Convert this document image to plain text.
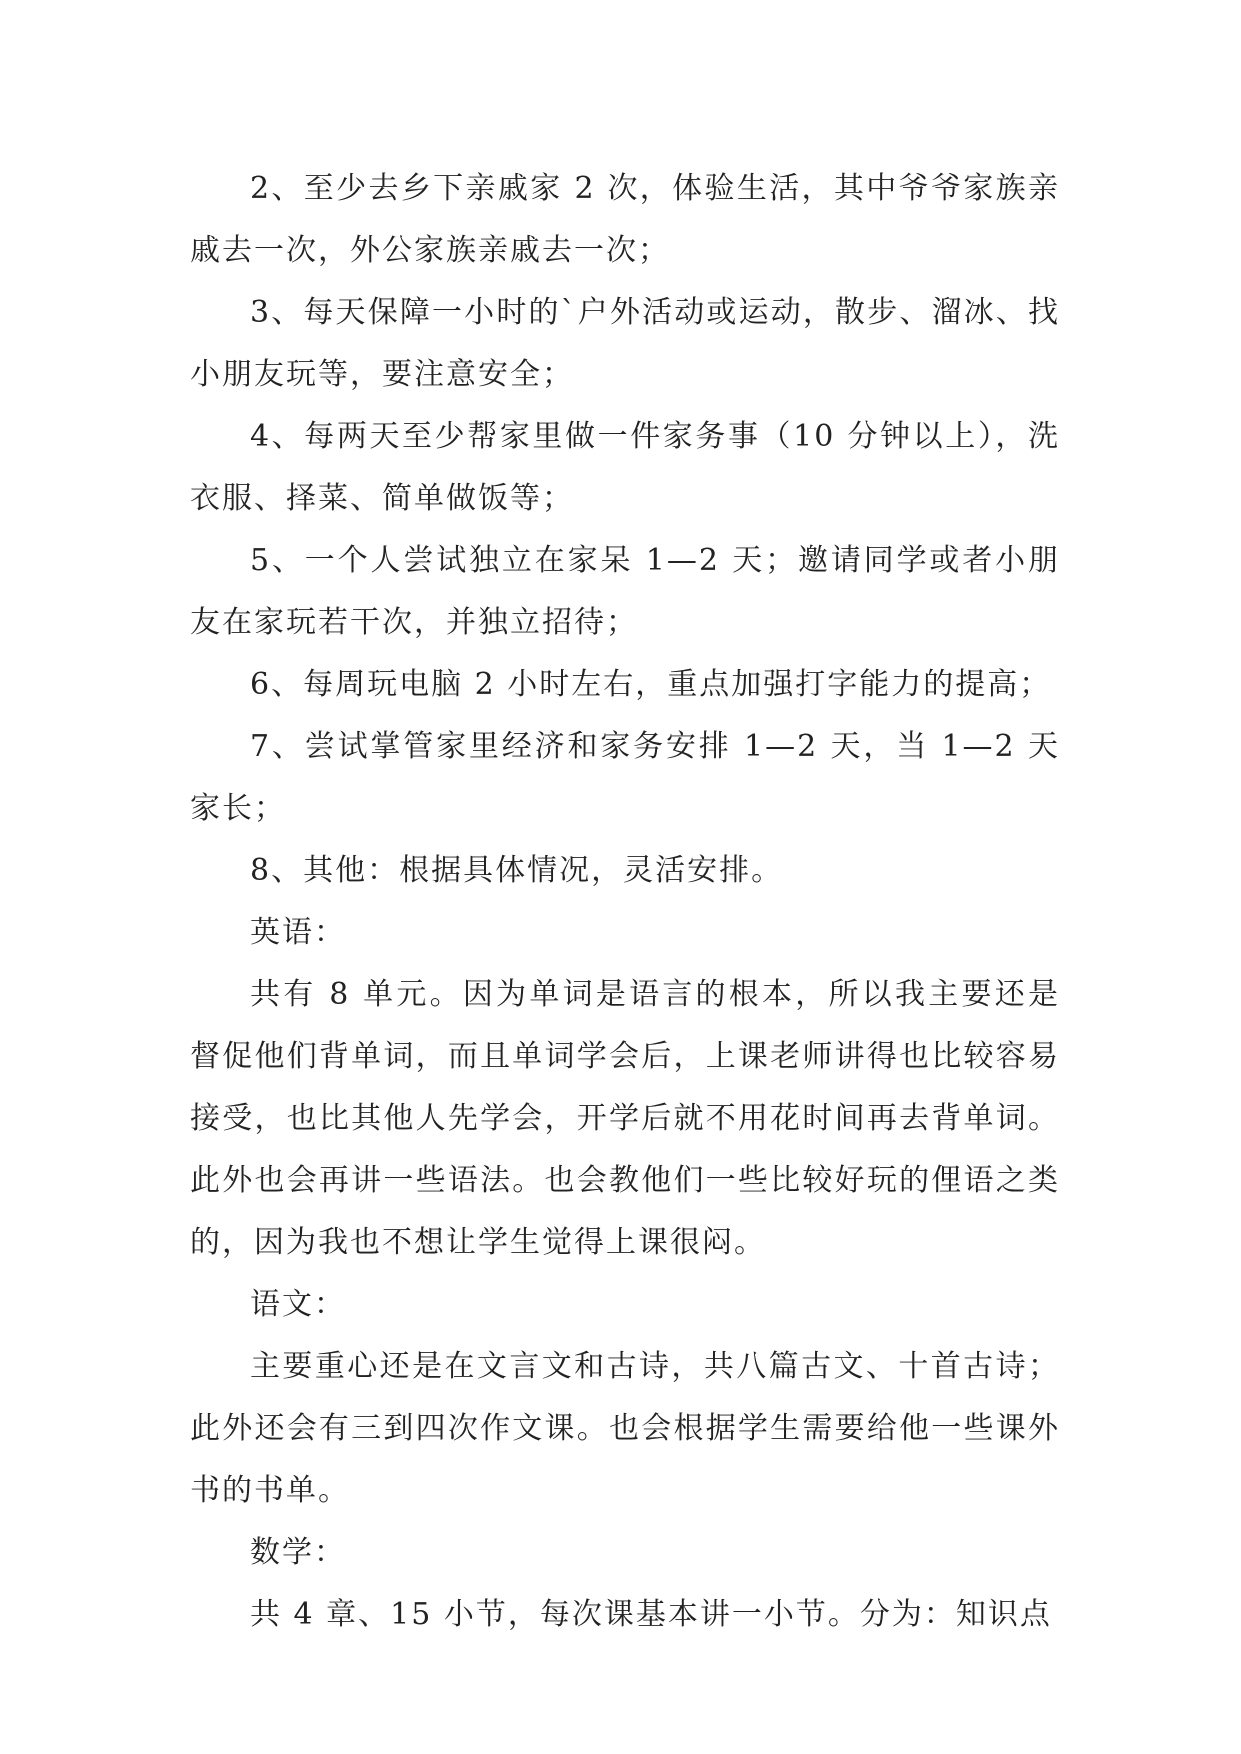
2、至少去乡下亲戚家 2 次，体验生活，其中爷爷家族亲戚去一次，外公家族亲戚去一次；

3、每天保障一小时的`户外活动或运动，散步、溜冰、找小朋友玩等，要注意安全；

4、每两天至少帮家里做一件家务事（10 分钟以上），洗衣服、择菜、简单做饭等；

5、一个人尝试独立在家呆 1—2 天；邀请同学或者小朋友在家玩若干次，并独立招待；

6、每周玩电脑 2 小时左右，重点加强打字能力的提高；

7、尝试掌管家里经济和家务安排 1—2 天，当 1—2 天家长；

8、其他：根据具体情况，灵活安排。

英语：

共有 8 单元。因为单词是语言的根本，所以我主要还是督促他们背单词，而且单词学会后，上课老师讲得也比较容易接受，也比其他人先学会，开学后就不用花时间再去背单词。此外也会再讲一些语法。也会教他们一些比较好玩的俚语之类的，因为我也不想让学生觉得上课很闷。

语文：

主要重心还是在文言文和古诗，共八篇古文、十首古诗；此外还会有三到四次作文课。也会根据学生需要给他一些课外书的书单。

数学：

共 4 章、15 小节，每次课基本讲一小节。分为：知识点
